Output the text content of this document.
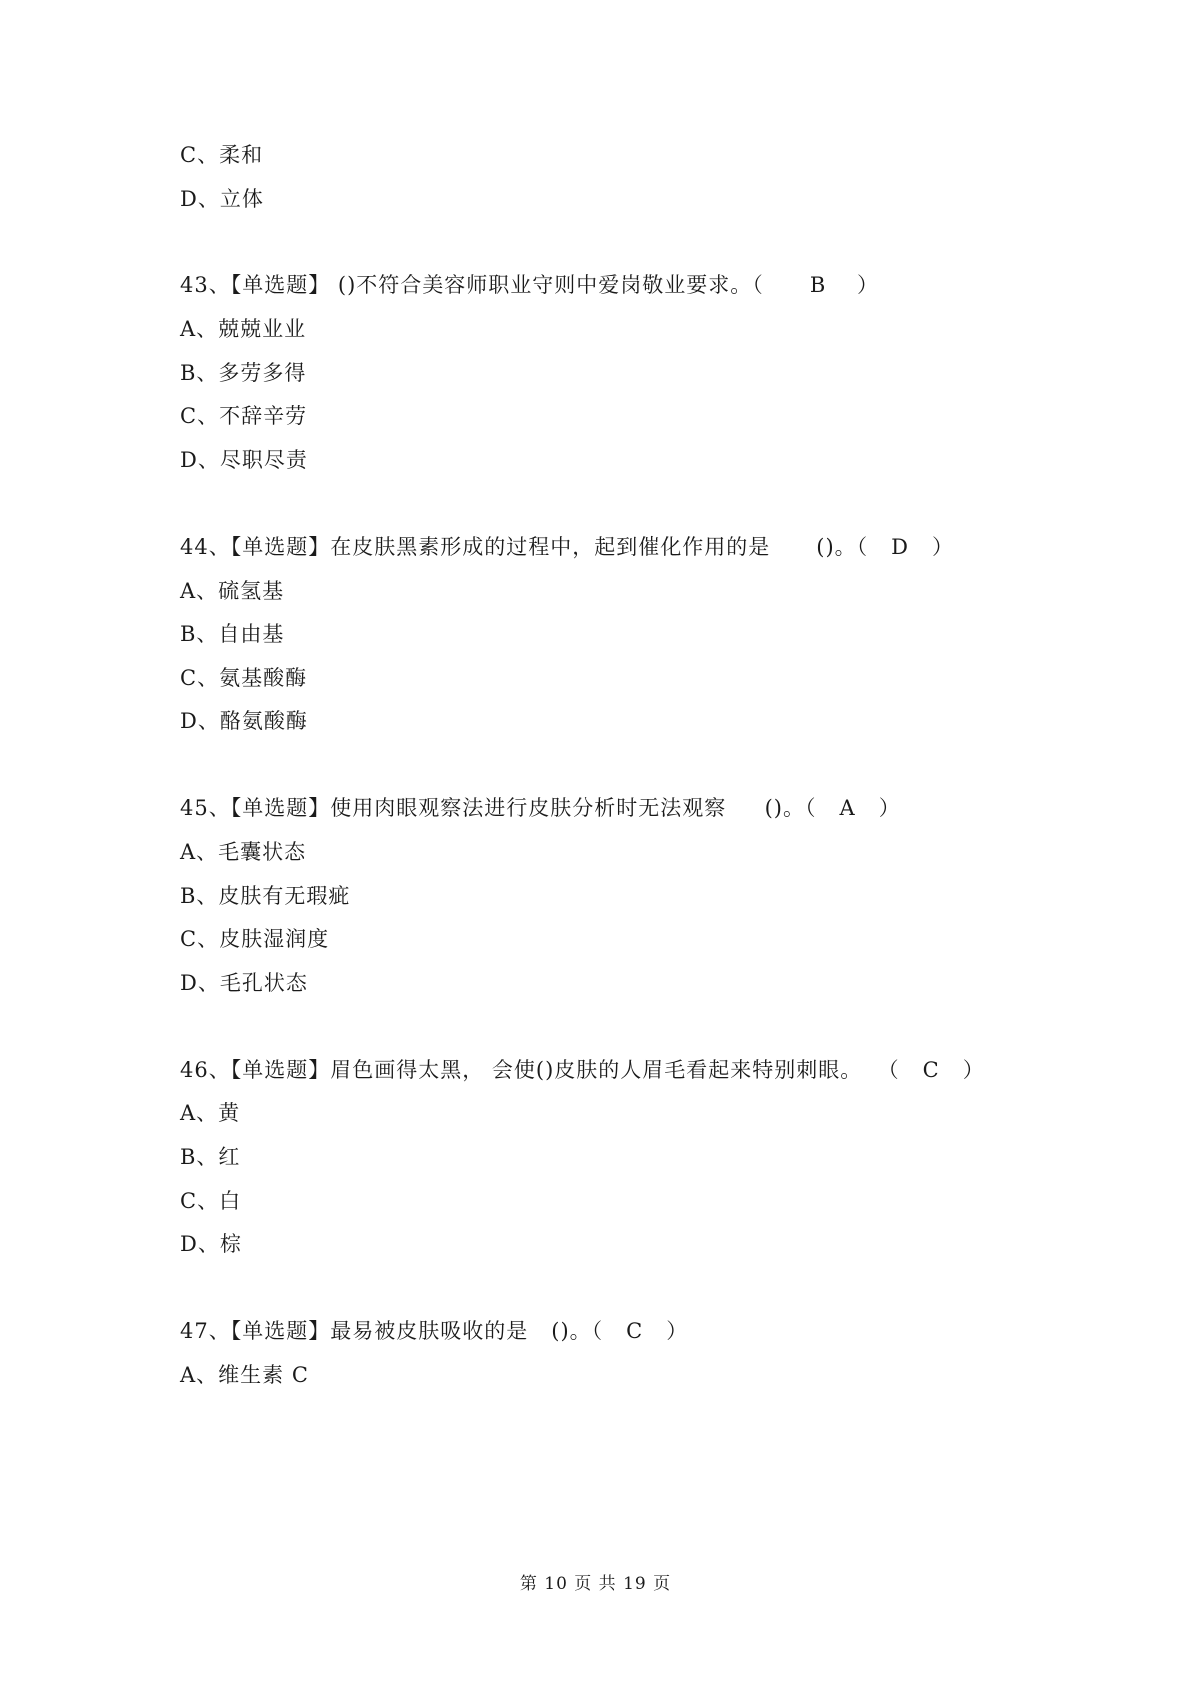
C、柔和
D、立体
43、【单选题】 ()不符合美容师职业守则中爱岗敬业要求。（      B    ）
A、兢兢业业
B、多劳多得
C、不辞辛劳
D、尽职尽责
44、【单选题】在皮肤黑素形成的过程中，起到催化作用的是      ()。（   D   ）
A、硫氢基
B、自由基
C、氨基酸酶
D、酪氨酸酶
45、【单选题】使用肉眼观察法进行皮肤分析时无法观察     ()。（   A   ）
A、毛囊状态
B、皮肤有无瑕疵
C、皮肤湿润度
D、毛孔状态
46、【单选题】眉色画得太黑， 会使()皮肤的人眉毛看起来特别刺眼。  （   C   ）
A、黄
B、红
C、白
D、棕
47、【单选题】最易被皮肤吸收的是   ()。（   C   ）
A、维生素 C
第 10 页 共 19 页
